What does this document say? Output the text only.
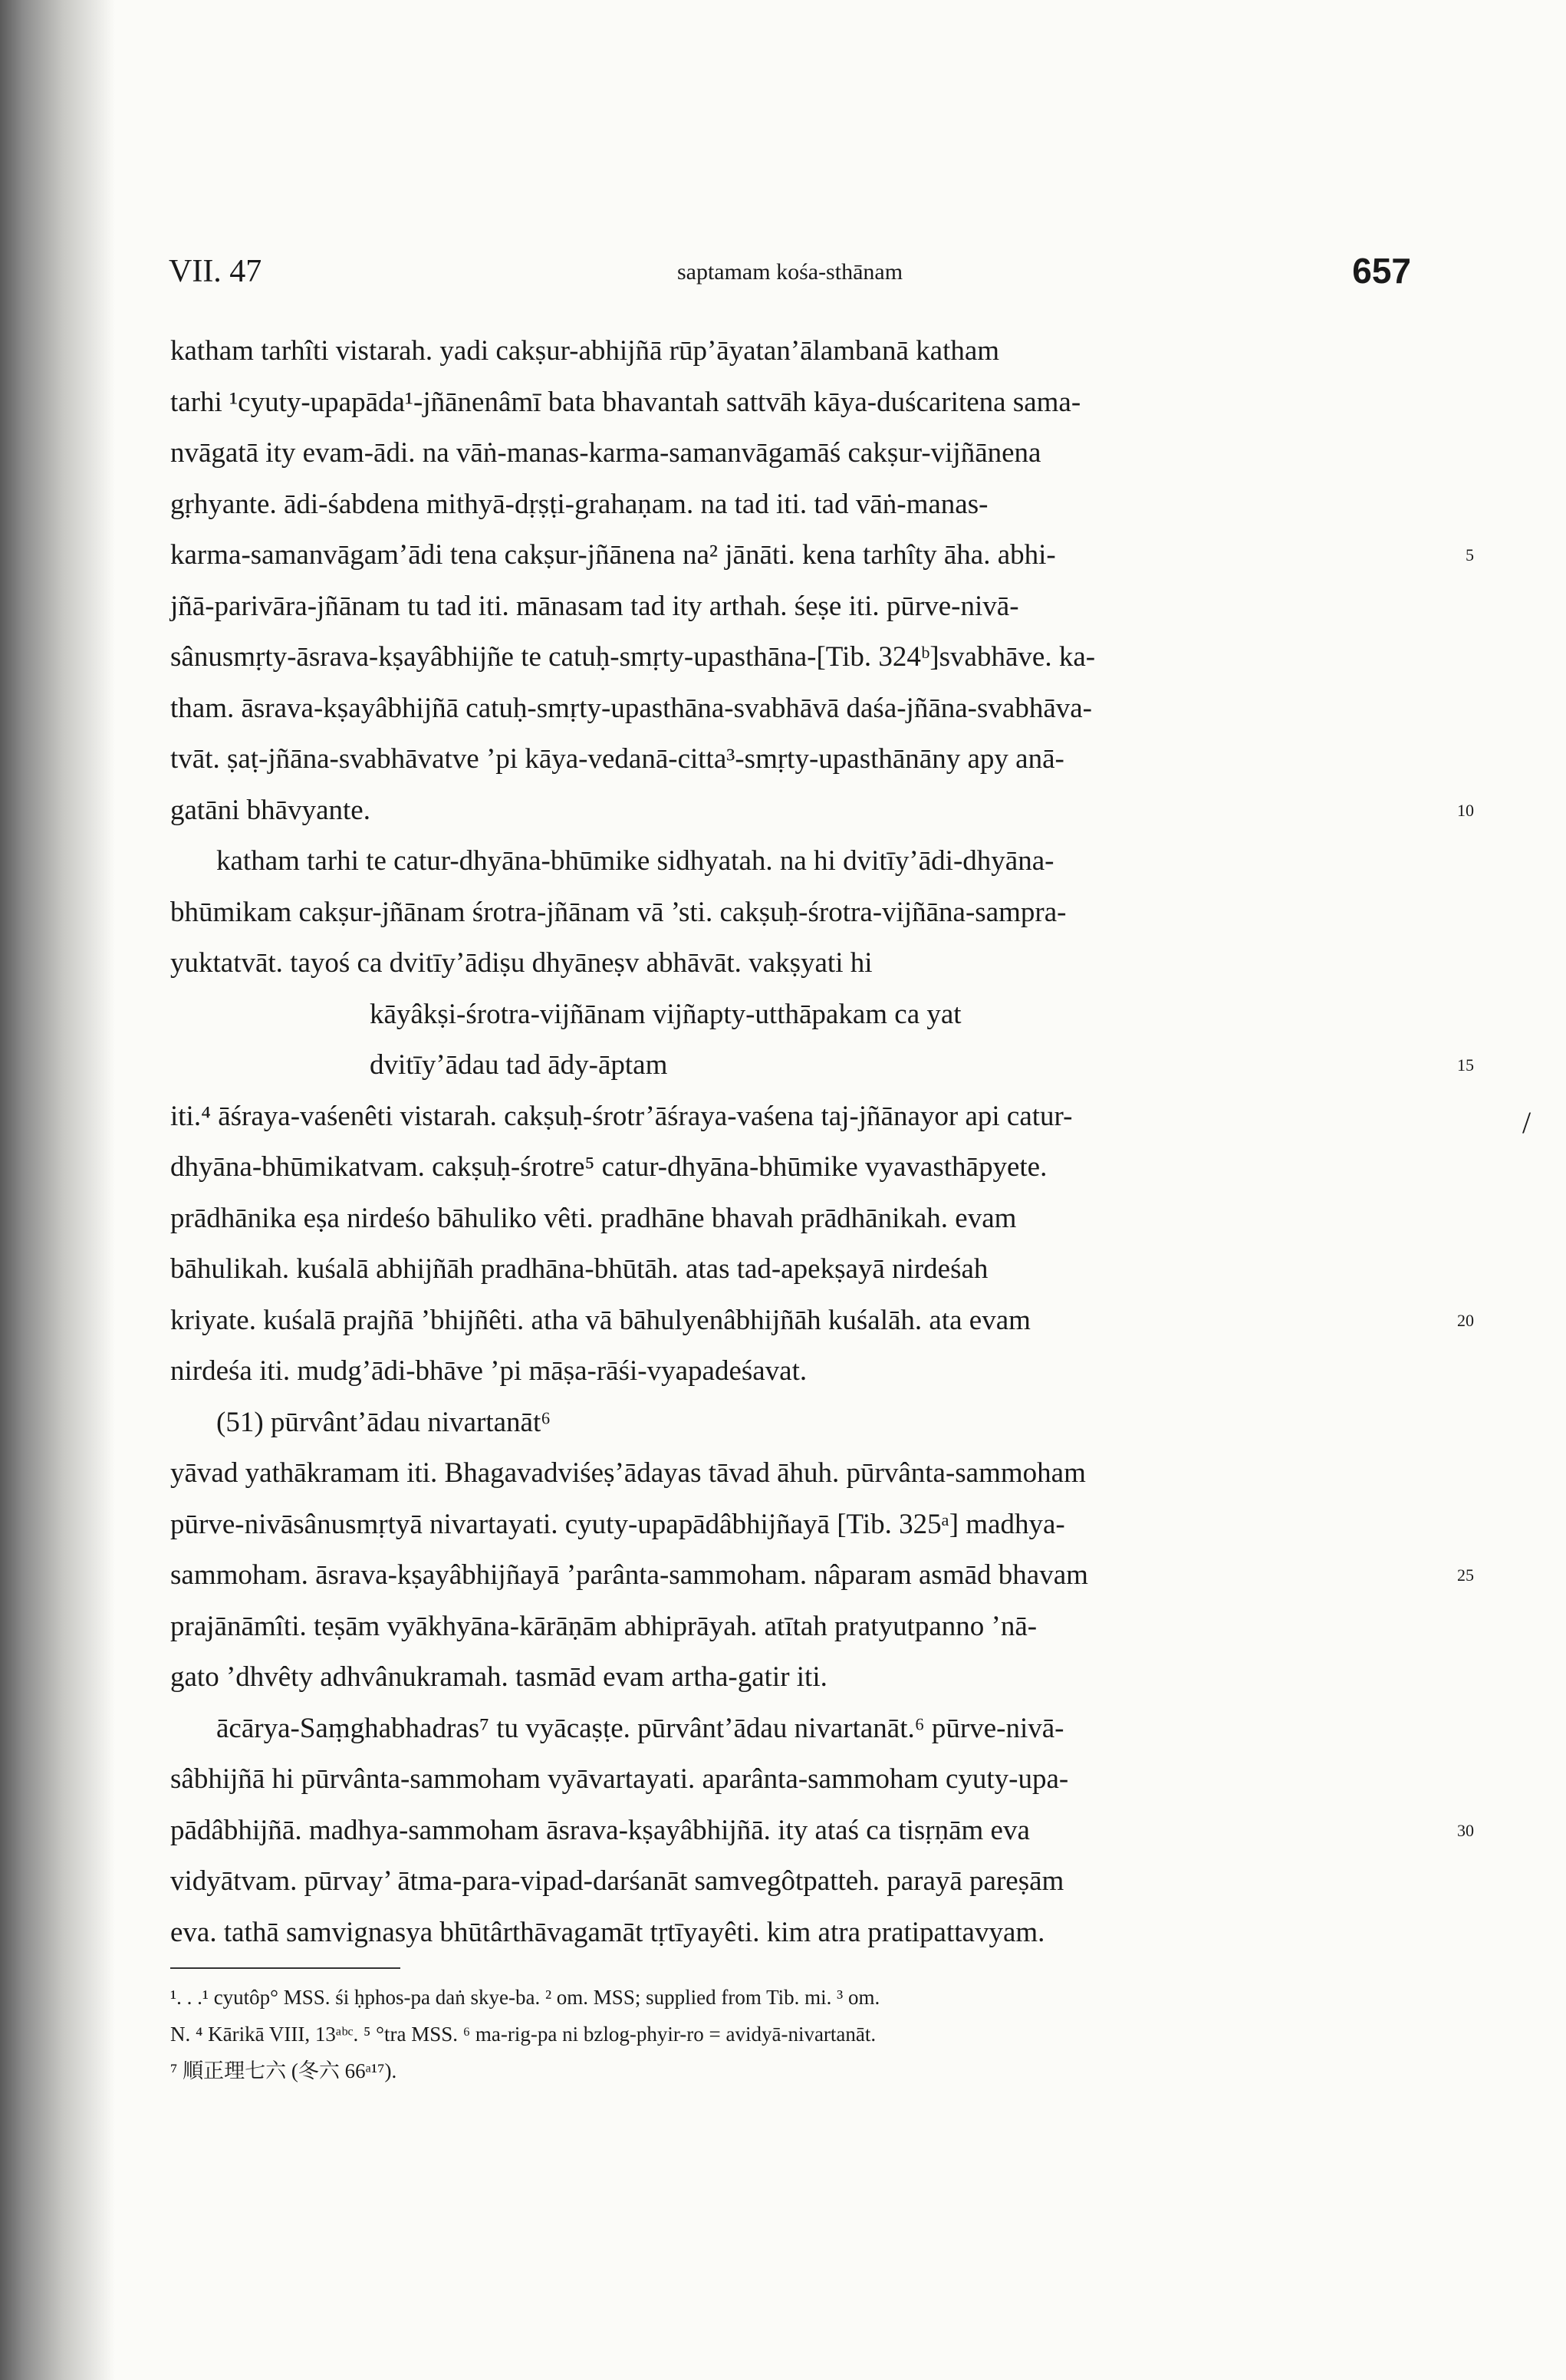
VII. 47	saptamam kośa-sthānam	657
katham tarhîti vistarah. yadi cakṣur-abhijñā rūp’āyatan’ālambanā katham
tarhi ¹cyuty-upapāda¹-jñānenâmī bata bhavantah sattvāh kāya-duścaritena sama-
nvāgatā ity evam-ādi. na vāṅ-manas-karma-samanvāgamāś cakṣur-vijñānena
gṛhyante. ādi-śabdena mithyā-dṛṣṭi-grahaṇam. na tad iti. tad vāṅ-manas-
karma-samanvāgam’ādi tena cakṣur-jñānena na² jānāti. kena tarhîty āha. abhi-	5
jñā-parivāra-jñānam tu tad iti. mānasam tad ity arthah. śeṣe iti. pūrve-nivā-
sânusmṛty-āsrava-kṣayâbhijñe te catuḥ-smṛty-upasthāna-[Tib. 324ᵇ]svabhāve. ka-
tham. āsrava-kṣayâbhijñā catuḥ-smṛty-upasthāna-svabhāvā daśa-jñāna-svabhāva-
tvāt. ṣaṭ-jñāna-svabhāvatve ’pi kāya-vedanā-citta³-smṛty-upasthānāny apy anā-
gatāni bhāvyante.	10
katham tarhi te catur-dhyāna-bhūmike sidhyatah. na hi dvitīy’ādi-dhyāna-
bhūmikam cakṣur-jñānam śrotra-jñānam vā ’sti. cakṣuḥ-śrotra-vijñāna-sampra-
yuktatvāt. tayoś ca dvitīy’ādiṣu dhyāneṣv abhāvāt. vakṣyati hi
kāyâkṣi-śrotra-vijñānam vijñapty-utthāpakam ca yat
dvitīy’ādau tad ādy-āptam	15
iti.⁴ āśraya-vaśenêti vistarah. cakṣuḥ-śrotr’āśraya-vaśena taj-jñānayor api catur-
dhyāna-bhūmikatvam. cakṣuḥ-śrotre⁵ catur-dhyāna-bhūmike vyavasthāpyete.
prādhānika eṣa nirdeśo bāhuliko vêti. pradhāne bhavah prādhānikah. evam
bāhulikah. kuśalā abhijñāh pradhāna-bhūtāh. atas tad-apekṣayā nirdeśah
kriyate. kuśalā prajñā ’bhijñêti. atha vā bāhulyenâbhijñāh kuśalāh. ata evam	20
nirdeśa iti. mudg’ādi-bhāve ’pi māṣa-rāśi-vyapadeśavat.
(51) pūrvânt’ādau nivartanāt⁶
yāvad yathākramam iti. Bhagavadviśeṣ’ādayas tāvad āhuh. pūrvânta-sammoham
pūrve-nivāsânusmṛtyā nivartayati. cyuty-upapādâbhijñayā [Tib. 325ᵃ] madhya-
sammoham. āsrava-kṣayâbhijñayā ’parânta-sammoham. nâparam asmād bhavam	25
prajānāmîti. teṣām vyākhyāna-kārāṇām abhiprāyah. atītah pratyutpanno ’nā-
gato ’dhvêty adhvânukramah. tasmād evam artha-gatir iti.
ācārya-Saṃghabhadras⁷ tu vyācaṣṭe. pūrvânt’ādau nivartanāt.⁶ pūrve-nivā-
sâbhijñā hi pūrvânta-sammoham vyāvartayati. aparânta-sammoham cyuty-upa-
pādâbhijñā. madhya-sammoham āsrava-kṣayâbhijñā. ity ataś ca tisṛṇām eva	30
vidyātvam. pūrvay’ ātma-para-vipad-darśanāt samvegôtpatteh. parayā pareṣām
eva. tathā samvignasya bhūtârthāvagamāt tṛtīyayêti. kim atra pratipattavyam.
/
¹. . .¹ cyutôp° MSS. śi ḥphos-pa daṅ skye-ba. ² om. MSS; supplied from Tib. mi. ³ om.
N. ⁴ Kārikā VIII, 13ᵃᵇᶜ. ⁵ °tra MSS. ⁶ ma-rig-pa ni bzlog-phyir-ro = avidyā-nivartanāt.
⁷ 順正理七六 (冬六 66ᵃ¹⁷).
